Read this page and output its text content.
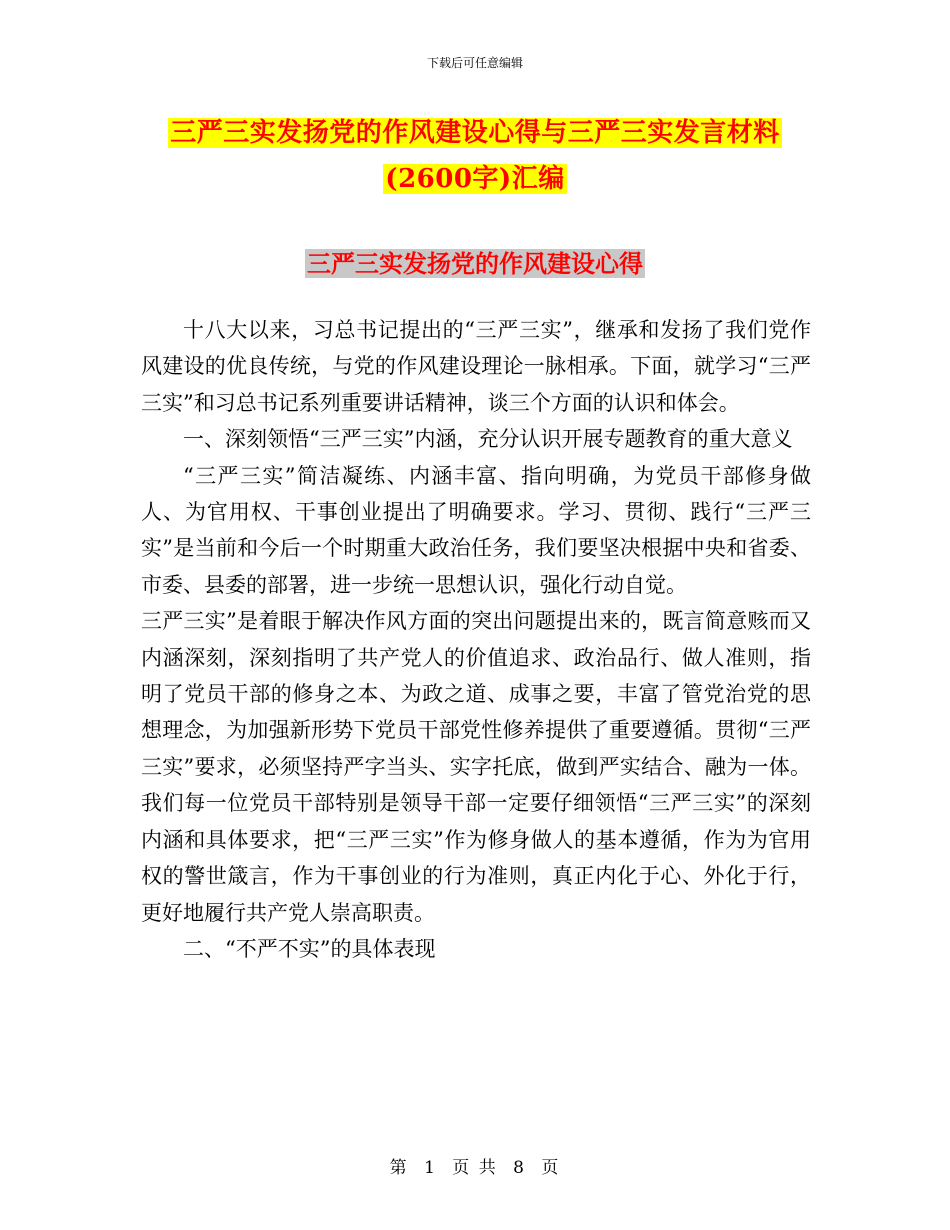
下载后可任意编辑
三严三实发扬党的作风建设心得与三严三实发言材料
(2600字)汇编
三严三实发扬党的作风建设心得

十八大以来，习总书记提出的“三严三实”，继承和发扬了我们党作风建设的优良传统，与党的作风建设理论一脉相承。下面，就学习“三严三实”和习总书记系列重要讲话精神，谈三个方面的认识和体会。

一、深刻领悟“三严三实”内涵，充分认识开展专题教育的重大意义

“三严三实”简洁凝练、内涵丰富、指向明确，为党员干部修身做人、为官用权、干事创业提出了明确要求。学习、贯彻、践行“三严三实”是当前和今后一个时期重大政治任务，我们要坚决根据中央和省委、市委、县委的部署，进一步统一思想认识，强化行动自觉。

三严三实”是着眼于解决作风方面的突出问题提出来的，既言简意赅而又内涵深刻，深刻指明了共产党人的价值追求、政治品行、做人准则，指明了党员干部的修身之本、为政之道、成事之要，丰富了管党治党的思想理念，为加强新形势下党员干部党性修养提供了重要遵循。贯彻“三严三实”要求，必须坚持严字当头、实字托底，做到严实结合、融为一体。我们每一位党员干部特别是领导干部一定要仔细领悟“三严三实”的深刻内涵和具体要求，把“三严三实”作为修身做人的基本遵循，作为为官用权的警世箴言，作为干事创业的行为准则，真正内化于心、外化于行，更好地履行共产党人崇高职责。

二、“不严不实”的具体表现

第 1 页 共 8 页
